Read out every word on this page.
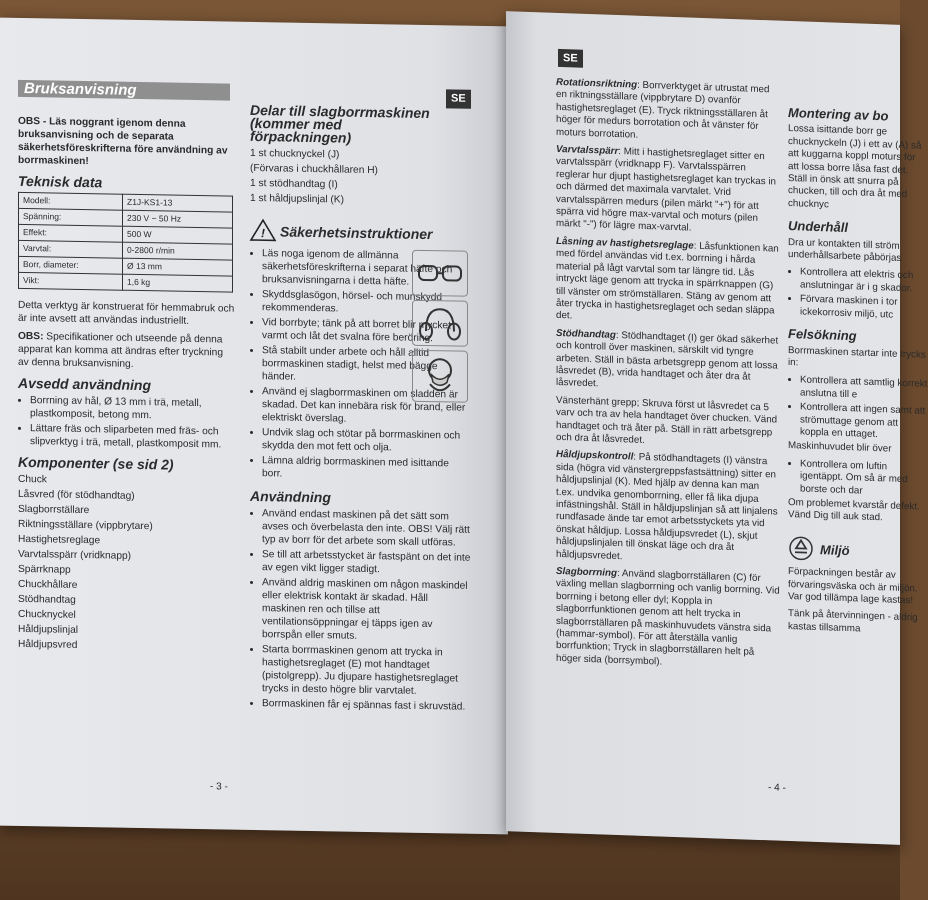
Bruksanvisning

OBS - Läs noggrant igenom denna bruksanvisning och de separata säkerhetsföreskrifterna före användning av borrmaskinen!

Teknisk data
Modell:	Z1J-KS1-13
Spänning:	230 V ~ 50 Hz
Effekt:	500 W
Varvtal:	0-2800 r/min
Borr, diameter:	Ø 13 mm
Vikt:	1,6 kg

Detta verktyg är konstruerat för hemmabruk och är inte avsett att användas industriellt.

OBS: Specifikationer och utseende på denna apparat kan komma att ändras efter tryckning av denna bruksanvisning.

Avsedd användning
• Borrning av hål, Ø 13 mm i trä, metall, plastkomposit, betong mm.
• Lättare fräs och sliparbeten med fräs- och slipverktyg i trä, metall, plastkomposit mm.
Komponenter (se sid 2)
Chuck
Låsvred (för stödhandtag)
Slagborrställare
Riktningsställare (vippbrytare)
Hastighetsreglage
Varvtalsspärr (vridknapp)
Spärrknapp
Chuckhållare
Stödhandtag
Chucknyckel
Håldjupslinjal
Håldjupsvred
SE
Delar till slagborrmaskinen (kommer med förpackningen)
1 st chucknyckel (J)
(Förvaras i chuckhållaren H)
1 st stödhandtag (I)
1 st håldjupslinjal (K)
! Säkerhetsinstruktioner
• Läs noga igenom de allmänna säkerhetsföreskrifterna i separat häfte och bruksanvisningarna i detta häfte.
• Skyddsglasögon, hörsel- och munskydd rekommenderas.
• Vid borrbyte; tänk på att borret blir mycket varmt och låt det svalna före beröring.
• Stå stabilt under arbete och håll alltid borrmaskinen stadigt, helst med bägge händer.
• Använd ej slagborrmaskinen om sladden är skadad. Det kan innebära risk för brand, eller elektriskt överslag.
• Undvik slag och stötar på borrmaskinen och skydda den mot fett och olja.
• Lämna aldrig borrmaskinen med isittande borr.
Användning
• Använd endast maskinen på det sätt som avses och överbelasta den inte. OBS! Välj rätt typ av borr för det arbete som skall utföras.
• Se till att arbetsstycket är fastspänt on det inte av egen vikt ligger stadigt.
• Använd aldrig maskinen om någon maskindel eller elektrisk kontakt är skadad. Håll maskinen ren och tillse att ventilationsöppningar ej täpps igen av borrspån eller smuts.
• Starta borrmaskinen genom att trycka in hastighetsreglaget (E) mot handtaget (pistolgrepp). Ju djupare hastighetsreglaget trycks in desto högre blir varvtalet.
• Borrmaskinen får ej spännas fast i skruvstäd.
- 3 -
SE

Rotationsriktning: Borrverktyget är utrustat med en riktningsställare (vippbrytare D) ovanför hastighetsreglaget (E). Tryck riktningsställaren åt höger för medurs borrotation och åt vänster för moturs borrotation.

Varvtalsspärr: Mitt i hastighetsreglaget sitter en varvtalsspärr (vridknapp F). Varvtalsspärren reglerar hur djupt hastighetsreglaget kan tryckas in och därmed det maximala varvtalet. Vrid varvtalsspärren medurs (pilen märkt "+") för att spärra vid högre max-varvtal och moturs (pilen märkt "-") för lägre max-varvtal.

Låsning av hastighetsreglage: Låsfunktionen kan med fördel användas vid t.ex. borrning i hårda material på lågt varvtal som tar längre tid. Lås intryckt läge genom att trycka in spärrknappen (G) till vänster om strömställaren. Stäng av genom att åter trycka in hastighetsreglaget och sedan släppa det.

Stödhandtag: Stödhandtaget (I) ger ökad säkerhet och kontroll över maskinen, särskilt vid tyngre arbeten. Ställ in bästa arbetsgrepp genom att lossa låsvredet (B), vrida handtaget och åter dra åt låsvredet.

Vänsterhänt grepp; Skruva först ut låsvredet ca 5 varv och tra av hela handtaget över chucken. Vänd handtaget och trä åter på. Ställ in rätt arbetsgrepp och dra åt låsvredet.

Håldjupskontroll: På stödhandtagets (I) vänstra sida (högra vid vänstergreppsfastsättning) sitter en håldjupslinjal (K). Med hjälp av denna kan man t.ex. undvika genomborrning, eller få lika djupa infästningshål. Ställ in håldjupslinjan så att linjalens rundfasade ände tar emot arbetsstyckets yta vid önskat håldjup. Lossa håldjupsvredet (L), skjut håldjupslinjalen till önskat läge och dra åt håldjupsvredet.

Slagborrning: Använd slagborrställaren (C) för växling mellan slagborrning och vanlig borrning. Vid borrning i betong eller dyl; Koppla in slagborrfunktionen genom att helt trycka in slagborrställaren på maskinhuvudets vänstra sida (hammar-symbol). För att återställa vanlig borrfunktion; Tryck in slagborrställaren helt på höger sida (borrsymbol).

- 4 -
Montering av bo

Lossa isittande borr ge chucknyckeln (J) i ett av (A) så att kuggarna koppl moturs för att lossa borre låsa fast det. Ställ in önsk att snurra på chucken, till och dra åt med chucknyc

Underhåll

Dra ur kontakten till ström underhållsarbete påbörjas

• Kontrollera att elektris och anslutningar är i g skador.
• Förvara maskinen i tor ickekorrosiv miljö, utc
Felsökning

Borrmaskinen startar inte trycks in:

• Kontrollera att samtlig korrekt anslutna till e
• Kontrollera att ingen samt att strömuttage genom att koppla en uttaget.

Maskinhuvudet blir över

• Kontrollera om luftin igentäppt. Om så är med borste och dar

Om problemet kvarstår defekt. Vänd Dig till auk stad.

Miljö

Förpackningen består av förvaringsväska och är miljön. Var god tillämpa lage kastas!

Tänk på återvinningen - aldrig kastas tillsamma
